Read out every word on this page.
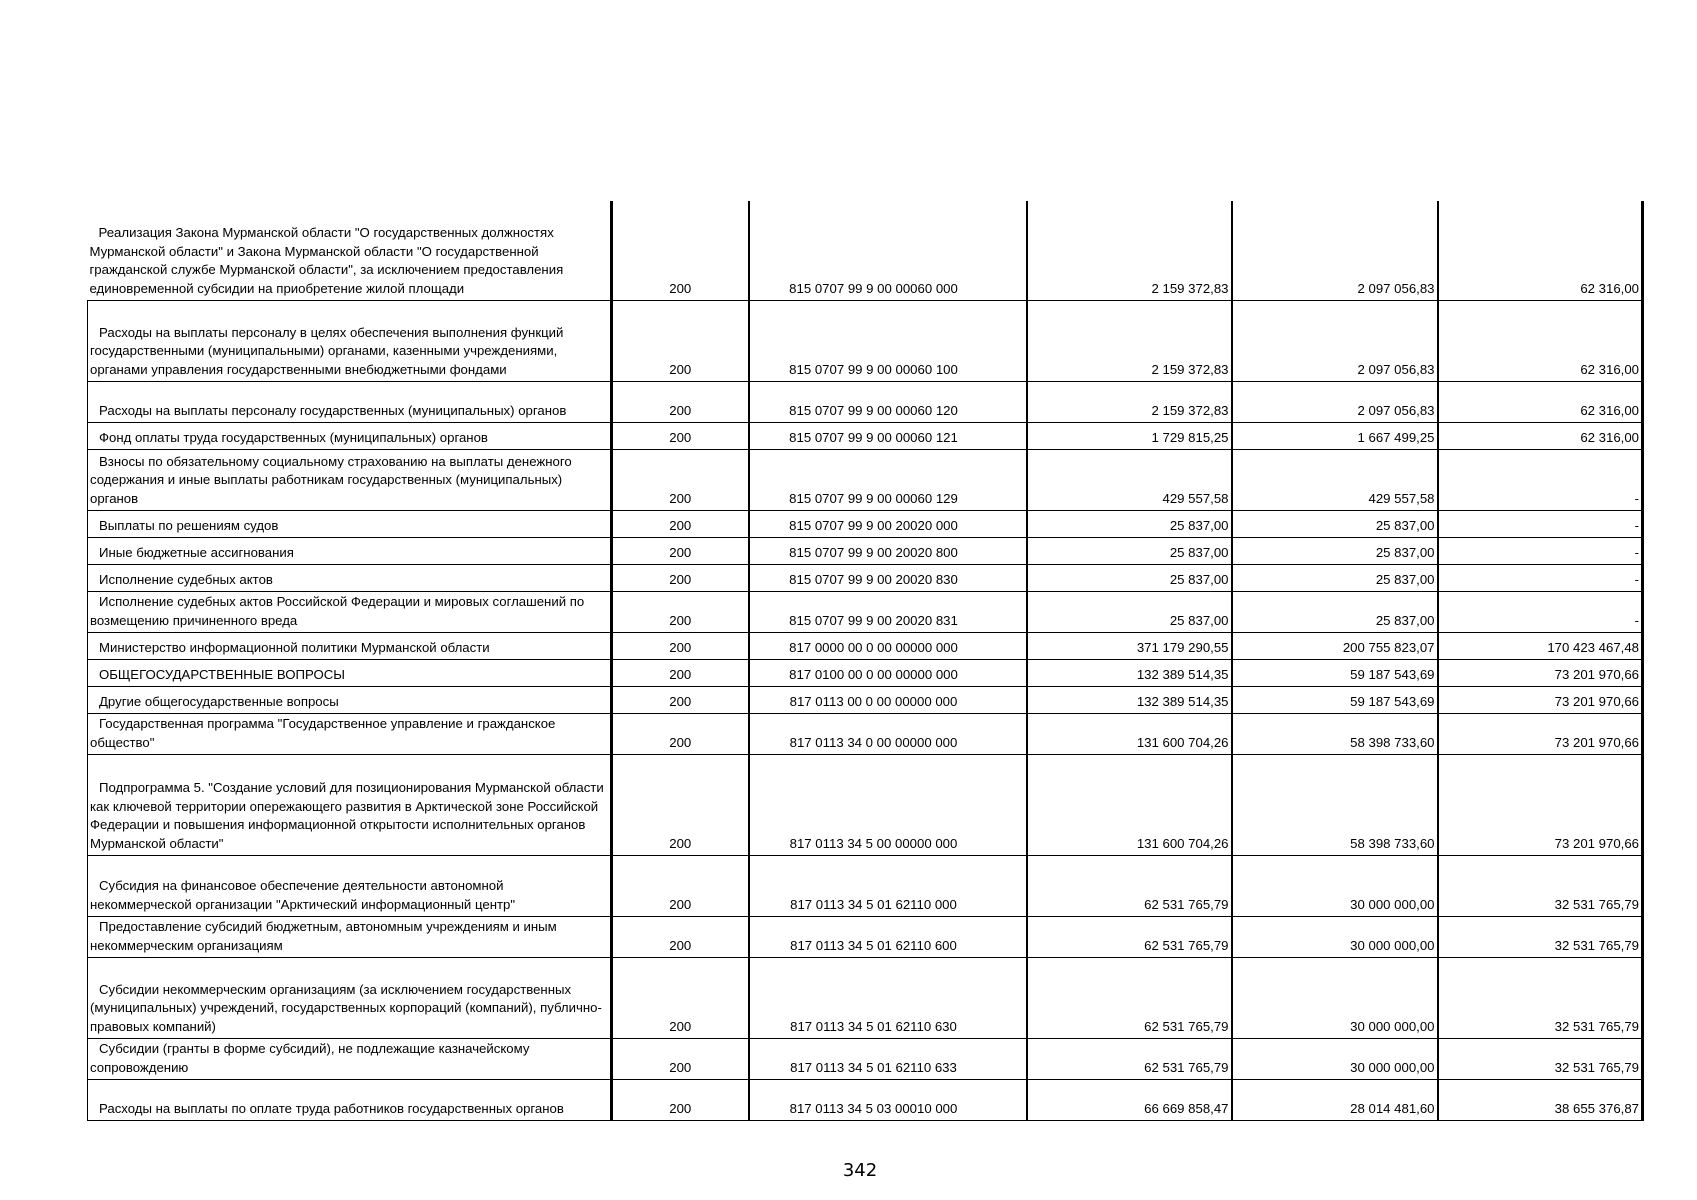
Реализация Закона Мурманской области "О государственных должностях Мурманской области" и Закона Мурманской области "О государственной гражданской службе Мурманской области", за исключением предоставления единовременной субсидии на приобретение жилой площади	200	815 0707 99 9 00 00060 000	2 159 372,83	2 097 056,83	62 316,00
Расходы на выплаты персоналу в целях обеспечения выполнения функций государственными (муниципальными) органами, казенными учреждениями, органами управления государственными внебюджетными фондами	200	815 0707 99 9 00 00060 100	2 159 372,83	2 097 056,83	62 316,00
Расходы на выплаты персоналу государственных (муниципальных) органов	200	815 0707 99 9 00 00060 120	2 159 372,83	2 097 056,83	62 316,00
Фонд оплаты труда государственных (муниципальных) органов	200	815 0707 99 9 00 00060 121	1 729 815,25	1 667 499,25	62 316,00
Взносы по обязательному социальному страхованию на выплаты денежного содержания и иные выплаты работникам государственных (муниципальных) органов	200	815 0707 99 9 00 00060 129	429 557,58	429 557,58	-
Выплаты по решениям судов	200	815 0707 99 9 00 20020 000	25 837,00	25 837,00	-
Иные бюджетные ассигнования	200	815 0707 99 9 00 20020 800	25 837,00	25 837,00	-
Исполнение судебных актов	200	815 0707 99 9 00 20020 830	25 837,00	25 837,00	-
Исполнение судебных актов Российской Федерации и мировых соглашений по возмещению причиненного вреда	200	815 0707 99 9 00 20020 831	25 837,00	25 837,00	-
Министерство информационной политики Мурманской области	200	817 0000 00 0 00 00000 000	371 179 290,55	200 755 823,07	170 423 467,48
ОБЩЕГОСУДАРСТВЕННЫЕ ВОПРОСЫ	200	817 0100 00 0 00 00000 000	132 389 514,35	59 187 543,69	73 201 970,66
Другие общегосударственные вопросы	200	817 0113 00 0 00 00000 000	132 389 514,35	59 187 543,69	73 201 970,66
Государственная программа "Государственное управление и гражданское общество"	200	817 0113 34 0 00 00000 000	131 600 704,26	58 398 733,60	73 201 970,66
Подпрограмма 5. "Создание условий для позиционирования Мурманской области как ключевой территории опережающего развития в Арктической зоне Российской Федерации и повышения информационной открытости исполнительных органов Мурманской области"	200	817 0113 34 5 00 00000 000	131 600 704,26	58 398 733,60	73 201 970,66
Субсидия на финансовое обеспечение деятельности автономной некоммерческой организации "Арктический информационный центр"	200	817 0113 34 5 01 62110 000	62 531 765,79	30 000 000,00	32 531 765,79
Предоставление субсидий бюджетным, автономным учреждениям и иным некоммерческим организациям	200	817 0113 34 5 01 62110 600	62 531 765,79	30 000 000,00	32 531 765,79
Субсидии некоммерческим организациям (за исключением государственных (муниципальных) учреждений, государственных корпораций (компаний), публично-правовых компаний)	200	817 0113 34 5 01 62110 630	62 531 765,79	30 000 000,00	32 531 765,79
Субсидии (гранты в форме субсидий), не подлежащие казначейскому сопровождению	200	817 0113 34 5 01 62110 633	62 531 765,79	30 000 000,00	32 531 765,79
Расходы на выплаты по оплате труда работников государственных органов	200	817 0113 34 5 03 00010 000	66 669 858,47	28 014 481,60	38 655 376,87
342
